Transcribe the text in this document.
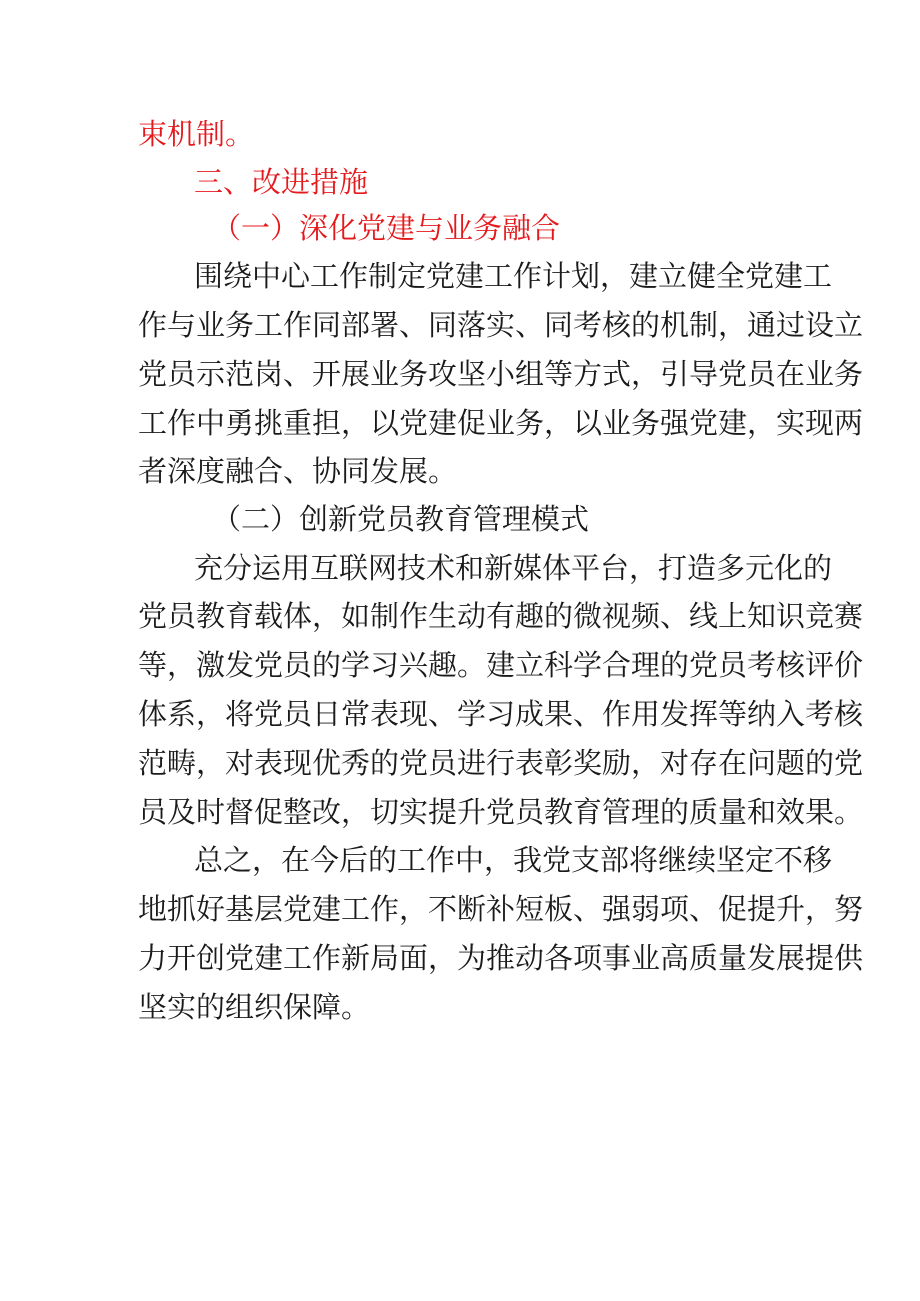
束机制。
三、改进措施
（一）深化党建与业务融合
围绕中心工作制定党建工作计划，建立健全党建工
作与业务工作同部署、同落实、同考核的机制，通过设立
党员示范岗、开展业务攻坚小组等方式，引导党员在业务
工作中勇挑重担，以党建促业务，以业务强党建，实现两
者深度融合、协同发展。
（二）创新党员教育管理模式
充分运用互联网技术和新媒体平台，打造多元化的
党员教育载体，如制作生动有趣的微视频、线上知识竞赛
等，激发党员的学习兴趣。建立科学合理的党员考核评价
体系，将党员日常表现、学习成果、作用发挥等纳入考核
范畴，对表现优秀的党员进行表彰奖励，对存在问题的党
员及时督促整改，切实提升党员教育管理的质量和效果。
总之，在今后的工作中，我党支部将继续坚定不移
地抓好基层党建工作，不断补短板、强弱项、促提升，努
力开创党建工作新局面，为推动各项事业高质量发展提供
坚实的组织保障。
